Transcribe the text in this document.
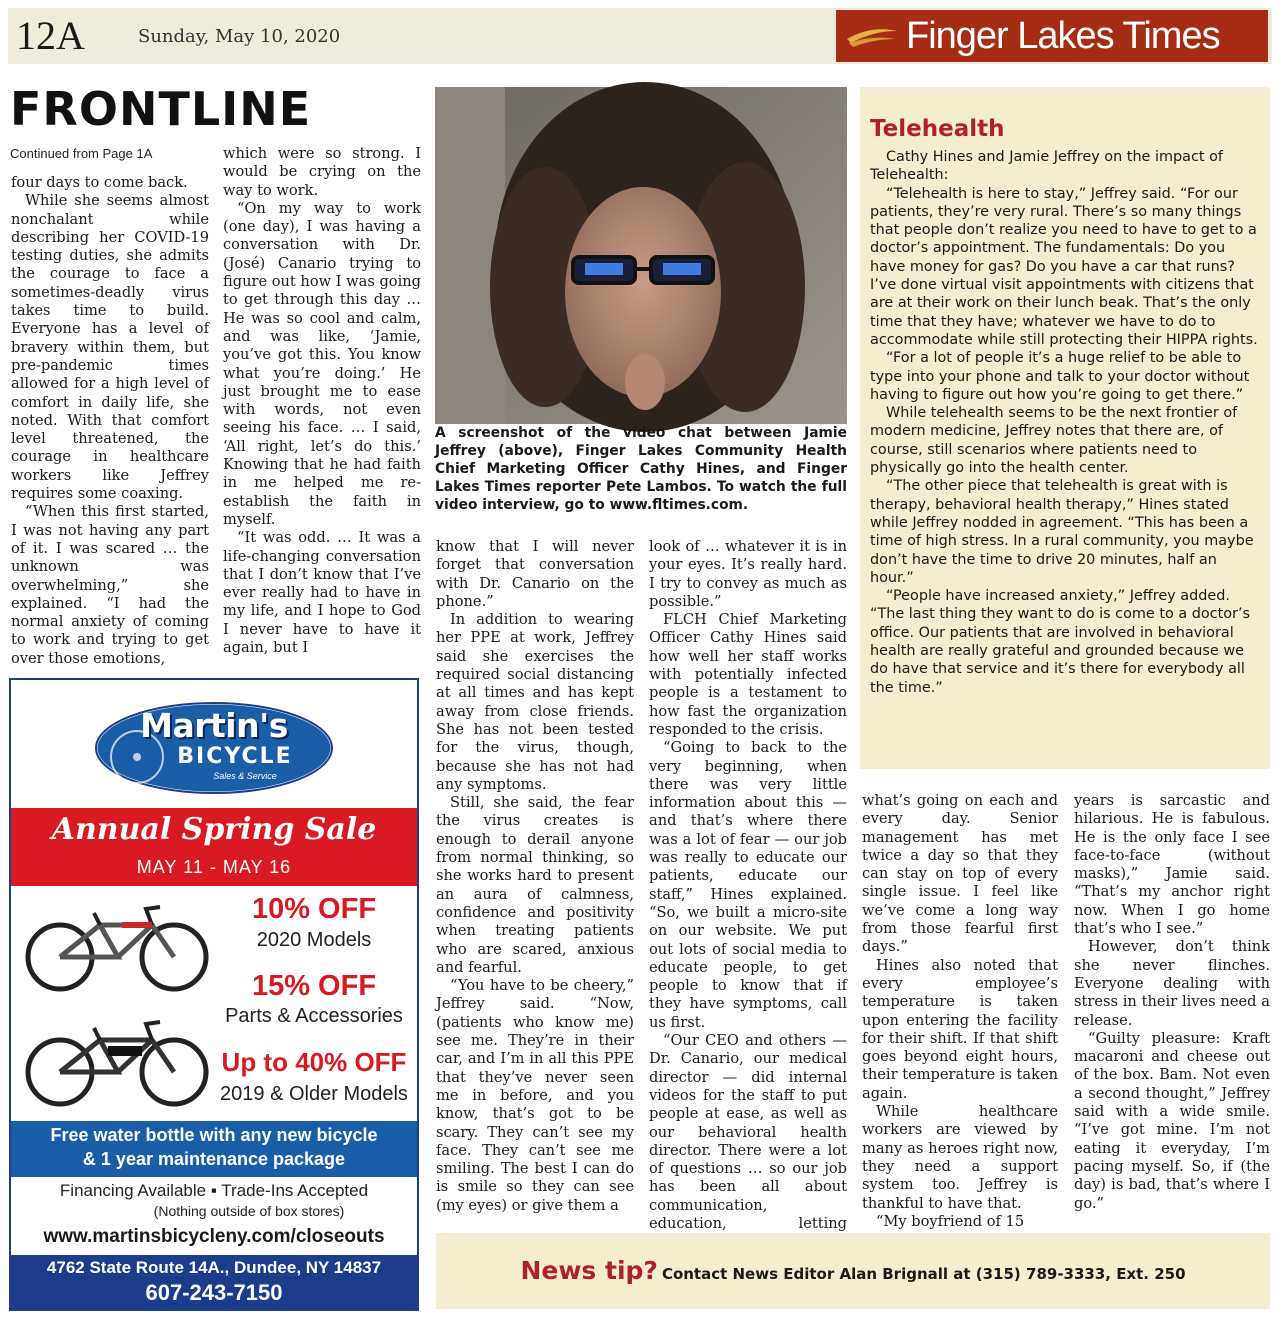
12A	Sunday, May 10, 2020	Finger Lakes Times
FRONTLINE
Continued from Page 1A

four days to come back.

While she seems almost nonchalant while describing her COVID-19 testing duties, she admits the courage to face a sometimes-deadly virus takes time to build. Everyone has a level of bravery within them, but pre-pandemic times allowed for a high level of comfort in daily life, she noted. With that comfort level threatened, the courage in healthcare workers like Jeffrey requires some coaxing.

“When this first started, I was not having any part of it. I was scared … the unknown was overwhelming,” she explained. “I had the normal anxiety of coming to work and trying to get over those emotions,

which were so strong. I would be crying on the way to work.

“On my way to work (one day), I was having a conversation with Dr. (José) Canario trying to figure out how I was going to get through this day … He was so cool and calm, and was like, ‘Jamie, you’ve got this. You know what you’re doing.’ He just brought me to ease with words, not even seeing his face. … I said, ‘All right, let’s do this.’ Knowing that he had faith in me helped me re-establish the faith in myself.

“It was odd. … It was a life-changing conversation that I don’t know that I’ve ever really had to have in my life, and I hope to God I never have to have it again, but I

A screenshot of the video chat between Jamie Jeffrey (above), Finger Lakes Community Health Chief Marketing Officer Cathy Hines, and Finger Lakes Times reporter Pete Lambos. To watch the full video interview, go to www.fltimes.com.

know that I will never forget that conversation with Dr. Canario on the phone.”

In addition to wearing her PPE at work, Jeffrey said she exercises the required social distancing at all times and has kept away from close friends. She has not been tested for the virus, though, because she has not had any symptoms.

Still, she said, the fear the virus creates is enough to derail anyone from normal thinking, so she works hard to present an aura of calmness, confidence and positivity when treating patients who are scared, anxious and fearful.

“You have to be cheery,” Jeffrey said. “Now, (patients who know me) see me. They’re in their car, and I’m in all this PPE that they’ve never seen me in before, and you know, that’s got to be scary. They can’t see my face. They can’t see me smiling. The best I can do is smile so they can see (my eyes) or give them a

look of … whatever it is in your eyes. It’s really hard. I try to convey as much as possible.”

FLCH Chief Marketing Officer Cathy Hines said how well her staff works with potentially infected people is a testament to how fast the organization responded to the crisis.

“Going to back to the very beginning, when there was very little information about this — and that’s where there was a lot of fear — our job was really to educate our patients, educate our staff,” Hines explained. “So, we built a micro-site on our website. We put out lots of social media to educate people, to get people to know that if they have symptoms, call us first.

“Our CEO and others — Dr. Canario, our medical director — did internal videos for the staff to put people at ease, as well as our behavioral health director. There were a lot of questions … so our job has been all about communication, education, letting

Telehealth

Cathy Hines and Jamie Jeffrey on the impact of Telehealth:

“Telehealth is here to stay,” Jeffrey said. “For our patients, they’re very rural. There’s so many things that people don’t realize you need to have to get to a doctor’s appointment. The fundamentals: Do you have money for gas? Do you have a car that runs? I’ve done virtual visit appointments with citizens that are at their work on their lunch beak. That’s the only time that they have; whatever we have to do to accommodate while still protecting their HIPPA rights.

“For a lot of people it’s a huge relief to be able to type into your phone and talk to your doctor without having to figure out how you’re going to get there.”

While telehealth seems to be the next frontier of modern medicine, Jeffrey notes that there are, of course, still scenarios where patients need to physically go into the health center.

“The other piece that telehealth is great with is therapy, behavioral health therapy,” Hines stated while Jeffrey nodded in agreement. “This has been a time of high stress. In a rural community, you maybe don’t have the time to drive 20 minutes, half an hour.”

“People have increased anxiety,” Jeffrey added. “The last thing they want to do is come to a doctor’s office. Our patients that are involved in behavioral health are really grateful and grounded because we do have that service and it’s there for everybody all the time.”

what’s going on each and every day. Senior management has met twice a day so that they can stay on top of every single issue. I feel like we’ve come a long way from those fearful first days.”

Hines also noted that every employee’s temperature is taken upon entering the facility for their shift. If that shift goes beyond eight hours, their temperature is taken again.

While healthcare workers are viewed by many as heroes right now, they need a support system too. Jeffrey is thankful to have that.

“My boyfriend of 15

years is sarcastic and hilarious. He is fabulous. He is the only face I see face-to-face (without masks),” Jamie said. “That’s my anchor right now. When I go home that’s who I see.”

However, don’t think she never flinches. Everyone dealing with stress in their lives need a release.

“Guilty pleasure: Kraft macaroni and cheese out of the box. Bam. Not even a second thought,” Jeffrey said with a wide smile. “I’ve got mine. I’m not eating it everyday, I’m pacing myself. So, if (the day) is bad, that’s where I go.”

Martin's
BICYCLE
Sales & Service
Annual Spring Sale
MAY 11 - MAY 16
10% OFF
2020 Models
15% OFF
Parts & Accessories
Up to 40% OFF
2019 & Older Models
Free water bottle with any new bicycle
& 1 year maintenance package
Financing Available ▪ Trade-Ins Accepted
(Nothing outside of box stores)
www.martinsbicycleny.com/closeouts
4762 State Route 14A., Dundee, NY 14837
607-243-7150
News tip? Contact News Editor Alan Brignall at (315) 789-3333, Ext. 250
